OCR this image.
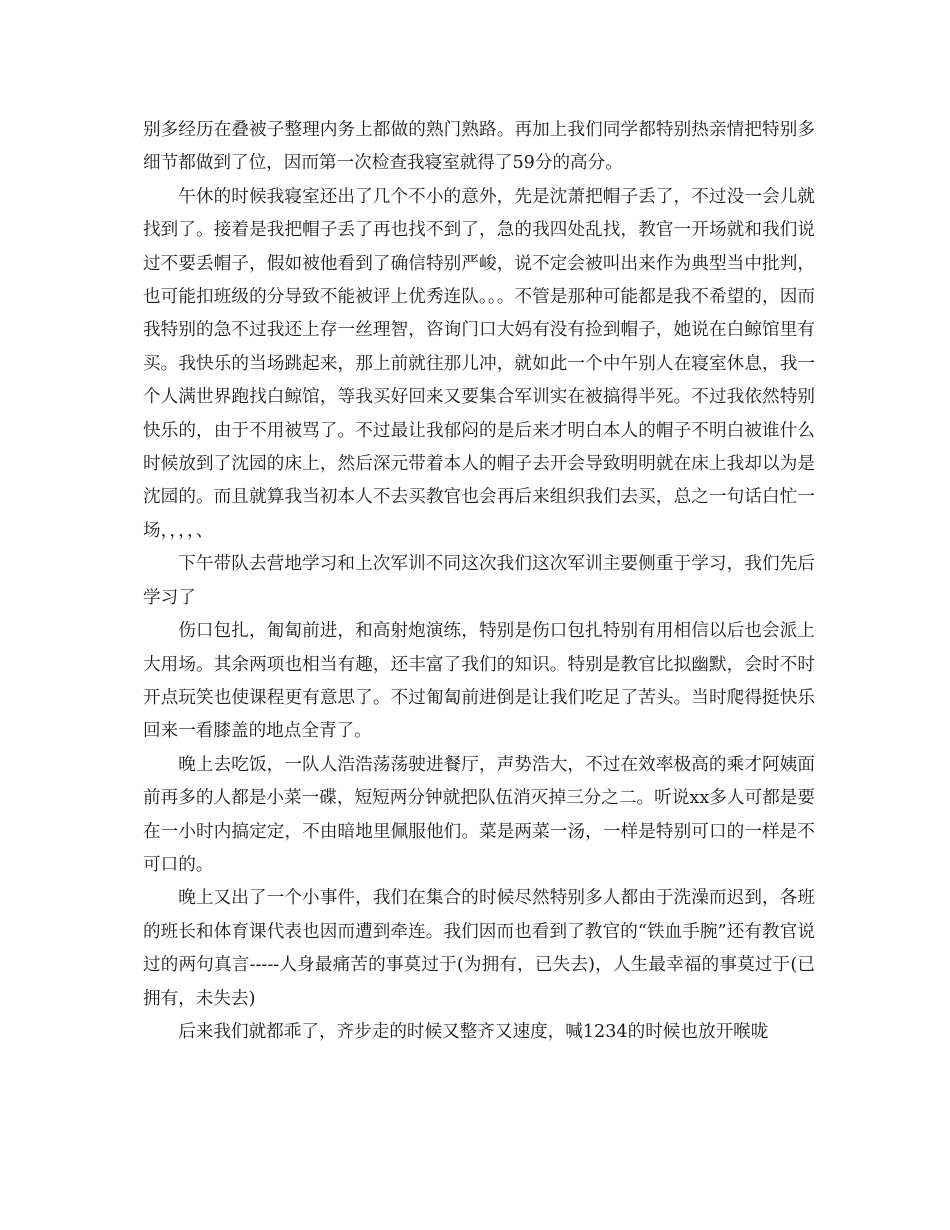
别多经历在叠被子整理内务上都做的熟门熟路。再加上我们同学都特别热亲情把特别多细节都做到了位，因而第一次检查我寝室就得了59分的高分。

午休的时候我寝室还出了几个不小的意外，先是沈萧把帽子丢了，不过没一会儿就找到了。接着是我把帽子丢了再也找不到了，急的我四处乱找，教官一开场就和我们说过不要丢帽子，假如被他看到了确信特别严峻，说不定会被叫出来作为典型当中批判，也可能扣班级的分导致不能被评上优秀连队。。。不管是那种可能都是我不希望的，因而我特别的急不过我还上存一丝理智，咨询门口大妈有没有捡到帽子，她说在白鲸馆里有买。我快乐的当场跳起来，那上前就往那儿冲，就如此一个中午别人在寝室休息，我一个人满世界跑找白鲸馆，等我买好回来又要集合军训实在被搞得半死。不过我依然特别快乐的，由于不用被骂了。不过最让我郁闷的是后来才明白本人的帽子不明白被谁什么时候放到了沈园的床上，然后深元带着本人的帽子去开会导致明明就在床上我却以为是沈园的。而且就算我当初本人不去买教官也会再后来组织我们去买，总之一句话白忙一场，，，，、

下午带队去营地学习和上次军训不同这次我们这次军训主要侧重于学习，我们先后学习了

伤口包扎，匍匐前进，和高射炮演练，特别是伤口包扎特别有用相信以后也会派上大用场。其余两项也相当有趣，还丰富了我们的知识。特别是教官比拟幽默，会时不时开点玩笑也使课程更有意思了。不过匍匐前进倒是让我们吃足了苦头。当时爬得挺快乐回来一看膝盖的地点全青了。

晚上去吃饭，一队人浩浩荡荡驶进餐厅，声势浩大，不过在效率极高的乘才阿姨面前再多的人都是小菜一碟，短短两分钟就把队伍消灭掉三分之二。听说xx多人可都是要在一小时内搞定定，不由暗地里佩服他们。菜是两菜一汤，一样是特别可口的一样是不可口的。

晚上又出了一个小事件，我们在集合的时候尽然特别多人都由于洗澡而迟到，各班的班长和体育课代表也因而遭到牵连。我们因而也看到了教官的“铁血手腕”还有教官说过的两句真言-----人身最痛苦的事莫过于(为拥有，已失去)，人生最幸福的事莫过于(已拥有，未失去)

后来我们就都乖了，齐步走的时候又整齐又速度，喊1234的时候也放开喉咙
